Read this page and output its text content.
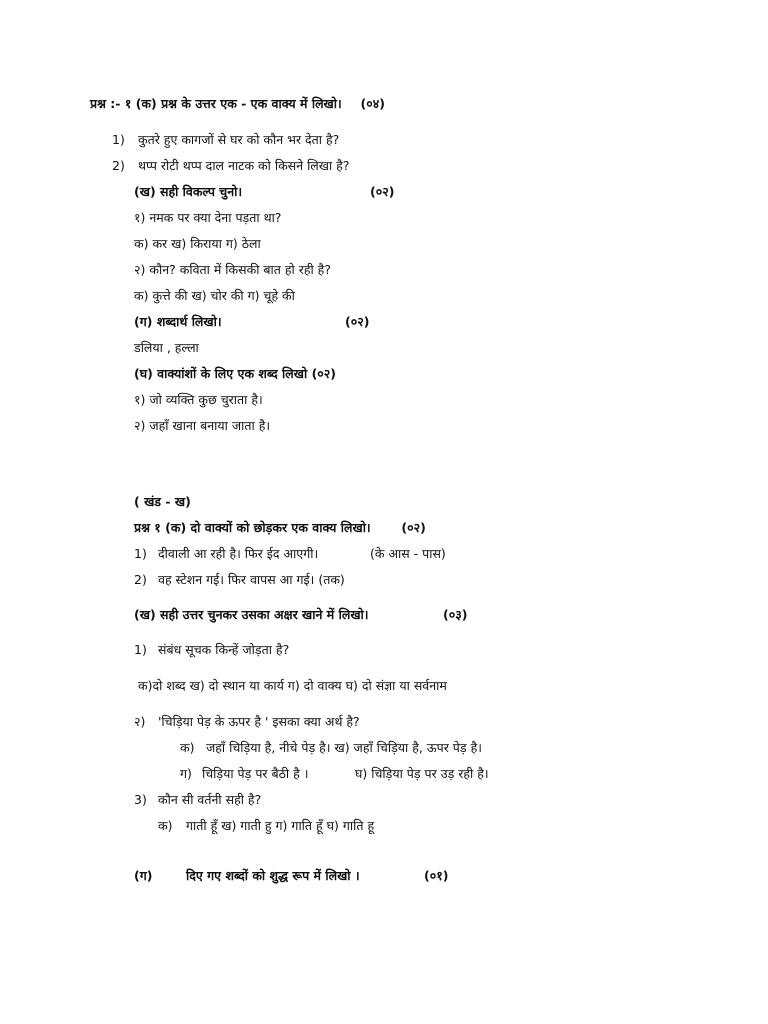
प्रश्न :- १ (क) प्रश्न के उत्तर एक - एक वाक्य में लिखो। (०४)
1) कुतरे हुए कागजों से घर को कौन भर देता है?
2) थप्प रोटी थप्प दाल नाटक को किसने लिखा है?
(ख) सही विकल्प चुनो।	(०२)
१) नमक पर क्या देना पड़ता था?
क) कर ख) किराया ग) ठेला
२) कौन? कविता में किसकी बात हो रही है?
क) कुत्ते की ख) चोर की ग) चूहे की
(ग) शब्दार्थ लिखो।	(०२)
डलिया , हल्ला
(घ) वाक्यांशों के लिए एक शब्द लिखो (०२)
१) जो व्यक्ति कुछ चुराता है।
२) जहाँ खाना बनाया जाता है।
( खंड - ख)
प्रश्न १ (क) दो वाक्यों को छोड़कर एक वाक्य लिखो। (०२)
1) दीवाली आ रही है। फिर ईद आएगी।	(के आस - पास)
2) वह स्टेशन गई। फिर वापस आ गई। (तक)
(ख) सही उत्तर चुनकर उसका अक्षर खाने में लिखो।	(०३)
1) संबंध सूचक किन्हें जोड़ता है?
क)दो शब्द ख) दो स्थान या कार्य ग) दो वाक्य घ) दो संज्ञा या सर्वनाम
२) 'चिड़िया पेड़ के ऊपर है ' इसका क्या अर्थ है?
क) जहाँ चिड़िया है, नीचे पेड़ है। ख) जहाँ चिड़िया है, ऊपर पेड़ है।
ग) चिड़िया पेड़ पर बैठी है ।	घ) चिड़िया पेड़ पर उड़ रही है।
3) कौन सी वर्तनी सही है?
क) गाती हूँ ख) गाती हु ग) गाति हूँ घ) गाति हू
(ग)	दिए गए शब्दों को शुद्ध रूप में लिखो ।	(०१)
